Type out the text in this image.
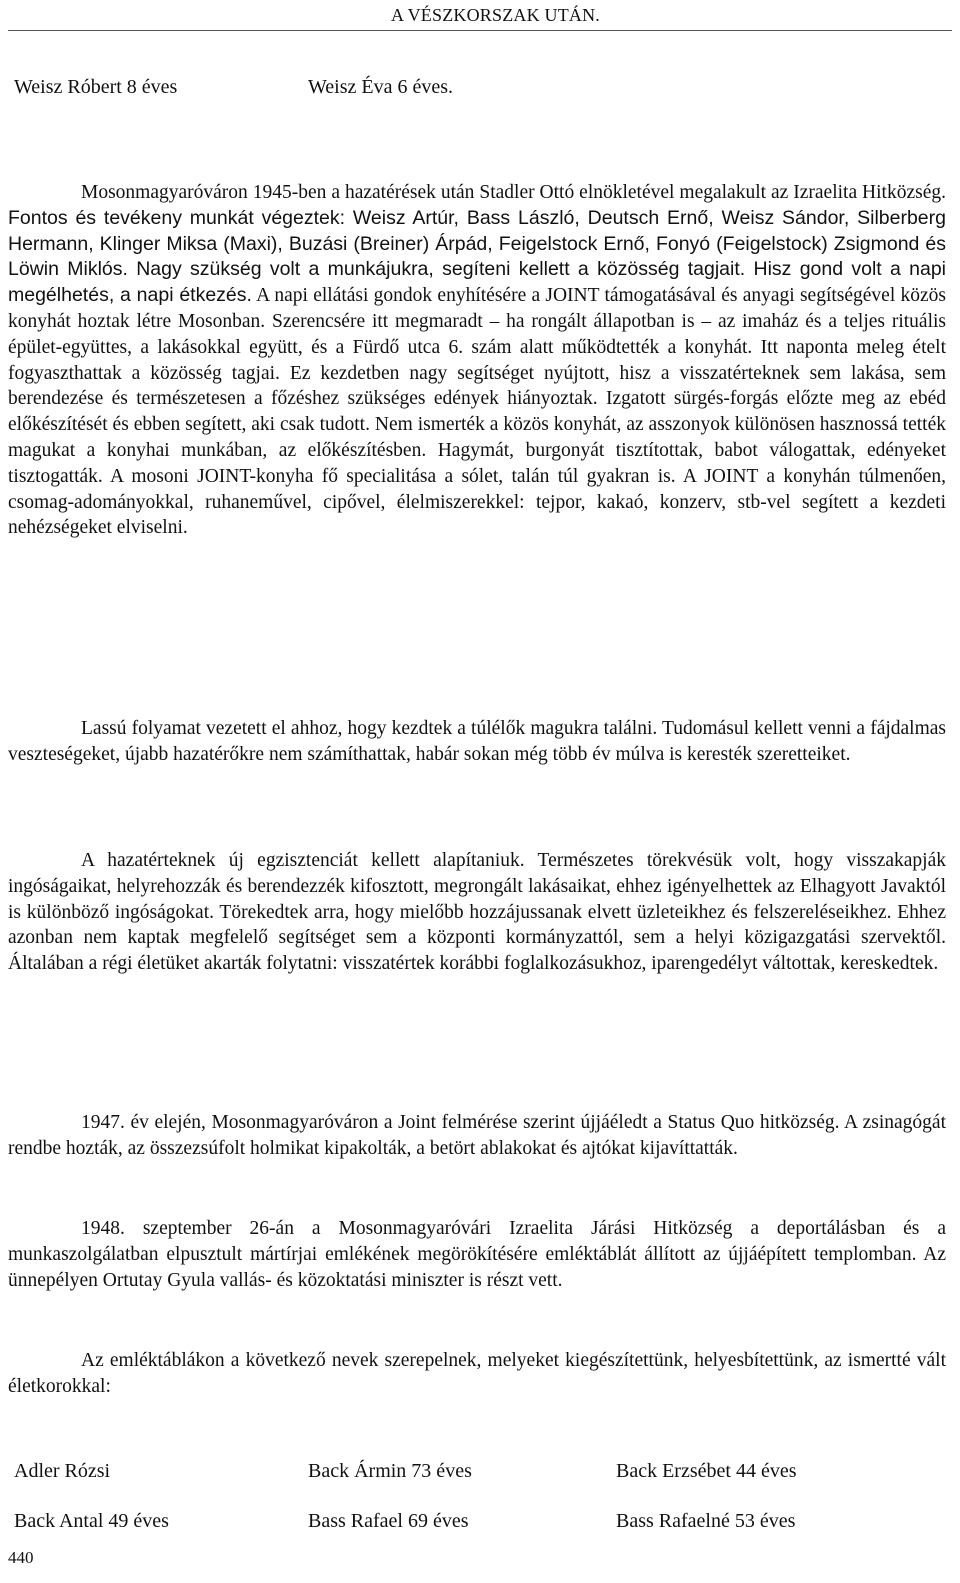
A VÉSZKORSZAK UTÁN.
Weisz Róbert 8 éves	Weisz Éva 6 éves.

Mosonmagyaróváron 1945-ben a hazatérések után Stadler Ottó elnökletével megalakult az Izraelita Hitközség. Fontos és tevékeny munkát végeztek: Weisz Artúr, Bass László, Deutsch Ernő, Weisz Sándor, Silberberg Hermann, Klinger Miksa (Maxi), Buzási (Breiner) Árpád, Feigelstock Ernő, Fonyó (Feigelstock) Zsigmond és Löwin Miklós. Nagy szükség volt a munkájukra, segíteni kellett a közösség tagjait. Hisz gond volt a napi megélhetés, a napi étkezés. A napi ellátási gondok enyhítésére a JOINT támogatásával és anyagi segítségével közös konyhát hoztak létre Mosonban. Szerencsére itt megmaradt – ha rongált állapotban is – az imaház és a teljes rituális épület-együttes, a lakásokkal együtt, és a Fürdő utca 6. szám alatt működtették a konyhát. Itt naponta meleg ételt fogyaszthattak a közösség tagjai. Ez kezdetben nagy segítséget nyújtott, hisz a visszatérteknek sem lakása, sem berendezése és természetesen a főzéshez szükséges edények hiányoztak. Izgatott sürgés-forgás előzte meg az ebéd előkészítését és ebben segített, aki csak tudott. Nem ismerték a közös konyhát, az asszonyok különösen hasznossá tették magukat a konyhai munkában, az előkészítésben. Hagymát, burgonyát tisztítottak, babot válogattak, edényeket tisztogatták. A mosoni JOINT-konyha fő specialitása a sólet, talán túl gyakran is. A JOINT a konyhán túlmenően, csomag-adományokkal, ruhaneművel, cipővel, élelmiszerekkel: tejpor, kakaó, konzerv, stb-vel segített a kezdeti nehézségeket elviselni.

Lassú folyamat vezetett el ahhoz, hogy kezdtek a túlélők magukra találni. Tudomásul kellett venni a fájdalmas veszteségeket, újabb hazatérőkre nem számíthattak, habár sokan még több év múlva is keresték szeretteiket.

A hazatérteknek új egzisztenciát kellett alapítaniuk. Természetes törekvésük volt, hogy visszakapják ingóságaikat, helyrehozzák és berendezzék kifosztott, megrongált lakásaikat, ehhez igényelhettek az Elhagyott Javaktól is különböző ingóságokat. Törekedtek arra, hogy mielőbb hozzájussanak elvett üzleteikhez és felszereléseikhez. Ehhez azonban nem kaptak megfelelő segítséget sem a központi kormányzattól, sem a helyi közigazgatási szervektől. Általában a régi életüket akarták folytatni: visszatértek korábbi foglalkozásukhoz, iparengedélyt váltottak, kereskedtek.

1947. év elején, Mosonmagyaróváron a Joint felmérése szerint újjáéledt a Status Quo hitközség. A zsinagógát rendbe hozták, az összezsúfolt holmikat kipakolták, a betört ablakokat és ajtókat kijavíttatták.

1948. szeptember 26-án a Mosonmagyaróvári Izraelita Járási Hitközség a deportálásban és a munkaszolgálatban elpusztult mártírjai emlékének megörökítésére emléktáblát állított az újjáépített templomban. Az ünnepélyen Ortutay Gyula vallás- és közoktatási miniszter is részt vett.

Az emléktáblákon a következő nevek szerepelnek, melyeket kiegészítettünk, helyesbítettünk, az ismertté vált életkorokkal:

Adler Rózsi	Back Ármin 73 éves	Back Erzsébet 44 éves
Back Antal 49 éves	Bass Rafael 69 éves	Bass Rafaelné 53 éves
440
